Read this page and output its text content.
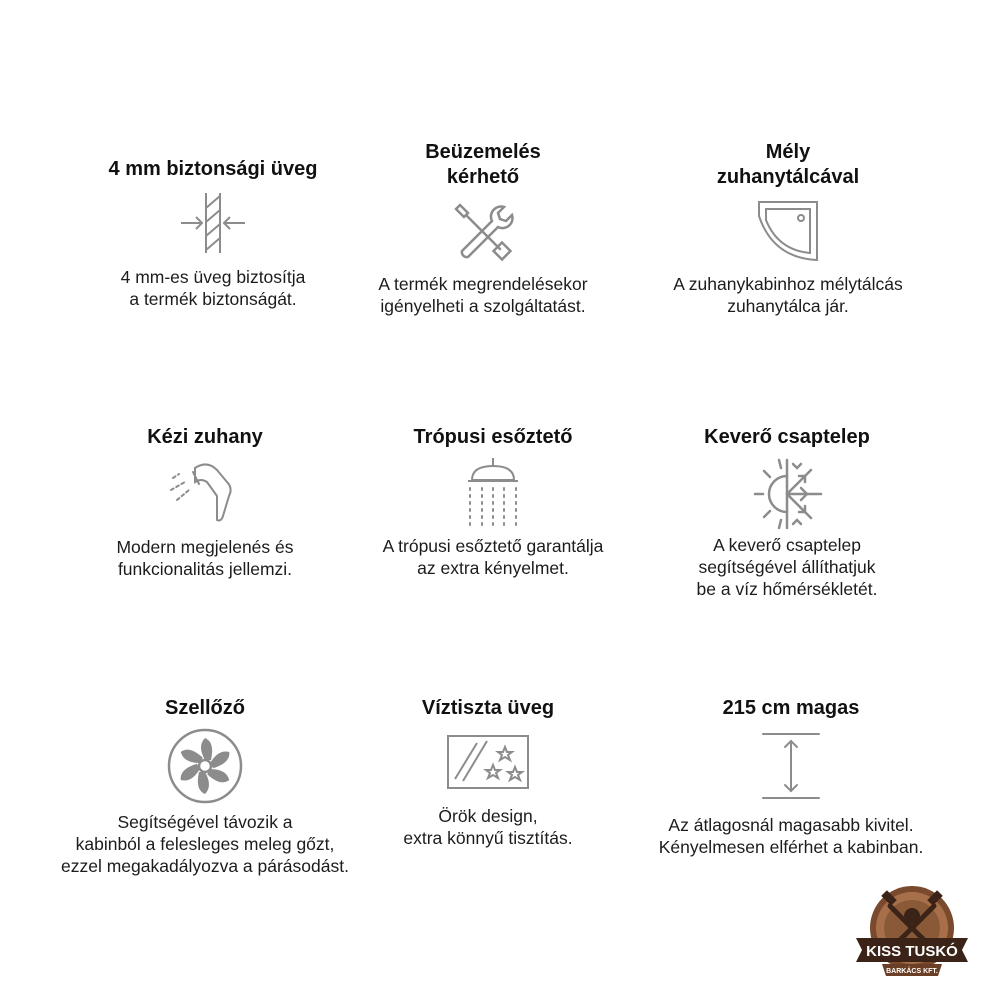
4 mm biztonsági üveg
4 mm-es üveg biztosítja
a termék biztonságát.
Beüzemelés
kérhető
A termék megrendelésekor
igényelheti a szolgáltatást.
Mély
zuhanytálcával
A zuhanykabinhoz mélytálcás
zuhanytálca jár.
Kézi zuhany
Modern megjelenés és
funkcionalitás jellemzi.
Trópusi esőztető
A trópusi esőztető garantálja
az extra kényelmet.
Keverő csaptelep
A keverő csaptelep
segítségével állíthatjuk
be a víz hőmérsékletét.
Szellőző
Segítségével távozik a
kabinból a felesleges meleg gőzt,
ezzel megakadályozva a párásodást.
Víztiszta üveg
Örök design,
extra könnyű tisztítás.
215 cm magas
Az átlagosnál magasabb kivitel.
Kényelmesen elférhet a kabinban.
KISS TUSKÓ
BARKÁCS KFT.
